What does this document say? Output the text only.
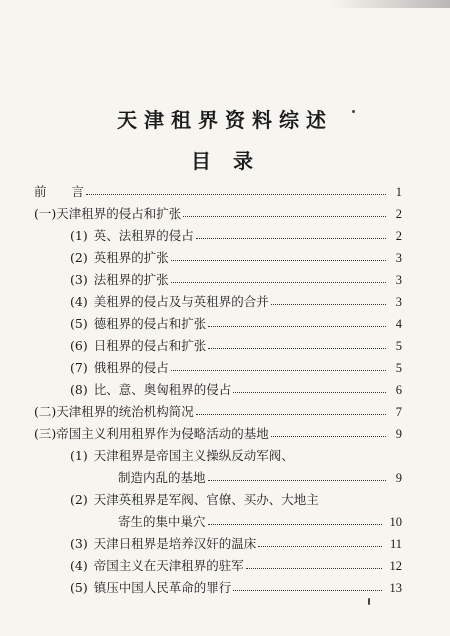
天津租界资料综述
目录
前　　言	1
(一) 天津租界的侵占和扩张	2
(1) 英、法租界的侵占	2
(2) 英租界的扩张	3
(3) 法租界的扩张	3
(4) 美租界的侵占及与英租界的合并	3
(5) 德租界的侵占和扩张	4
(6) 日租界的侵占和扩张	5
(7) 俄租界的侵占	5
(8) 比、意、奥匈租界的侵占	6
(二) 天津租界的统治机构简况	7
(三) 帝国主义利用租界作为侵略活动的基地	9
(1) 天津租界是帝国主义操纵反动军阀、
制造内乱的基地	9
(2) 天津英租界是军阀、官僚、买办、大地主
寄生的集中巢穴	10
(3) 天津日租界是培养汉奸的温床	11
(4) 帝国主义在天津租界的驻军	12
(5) 镇压中国人民革命的罪行	13
